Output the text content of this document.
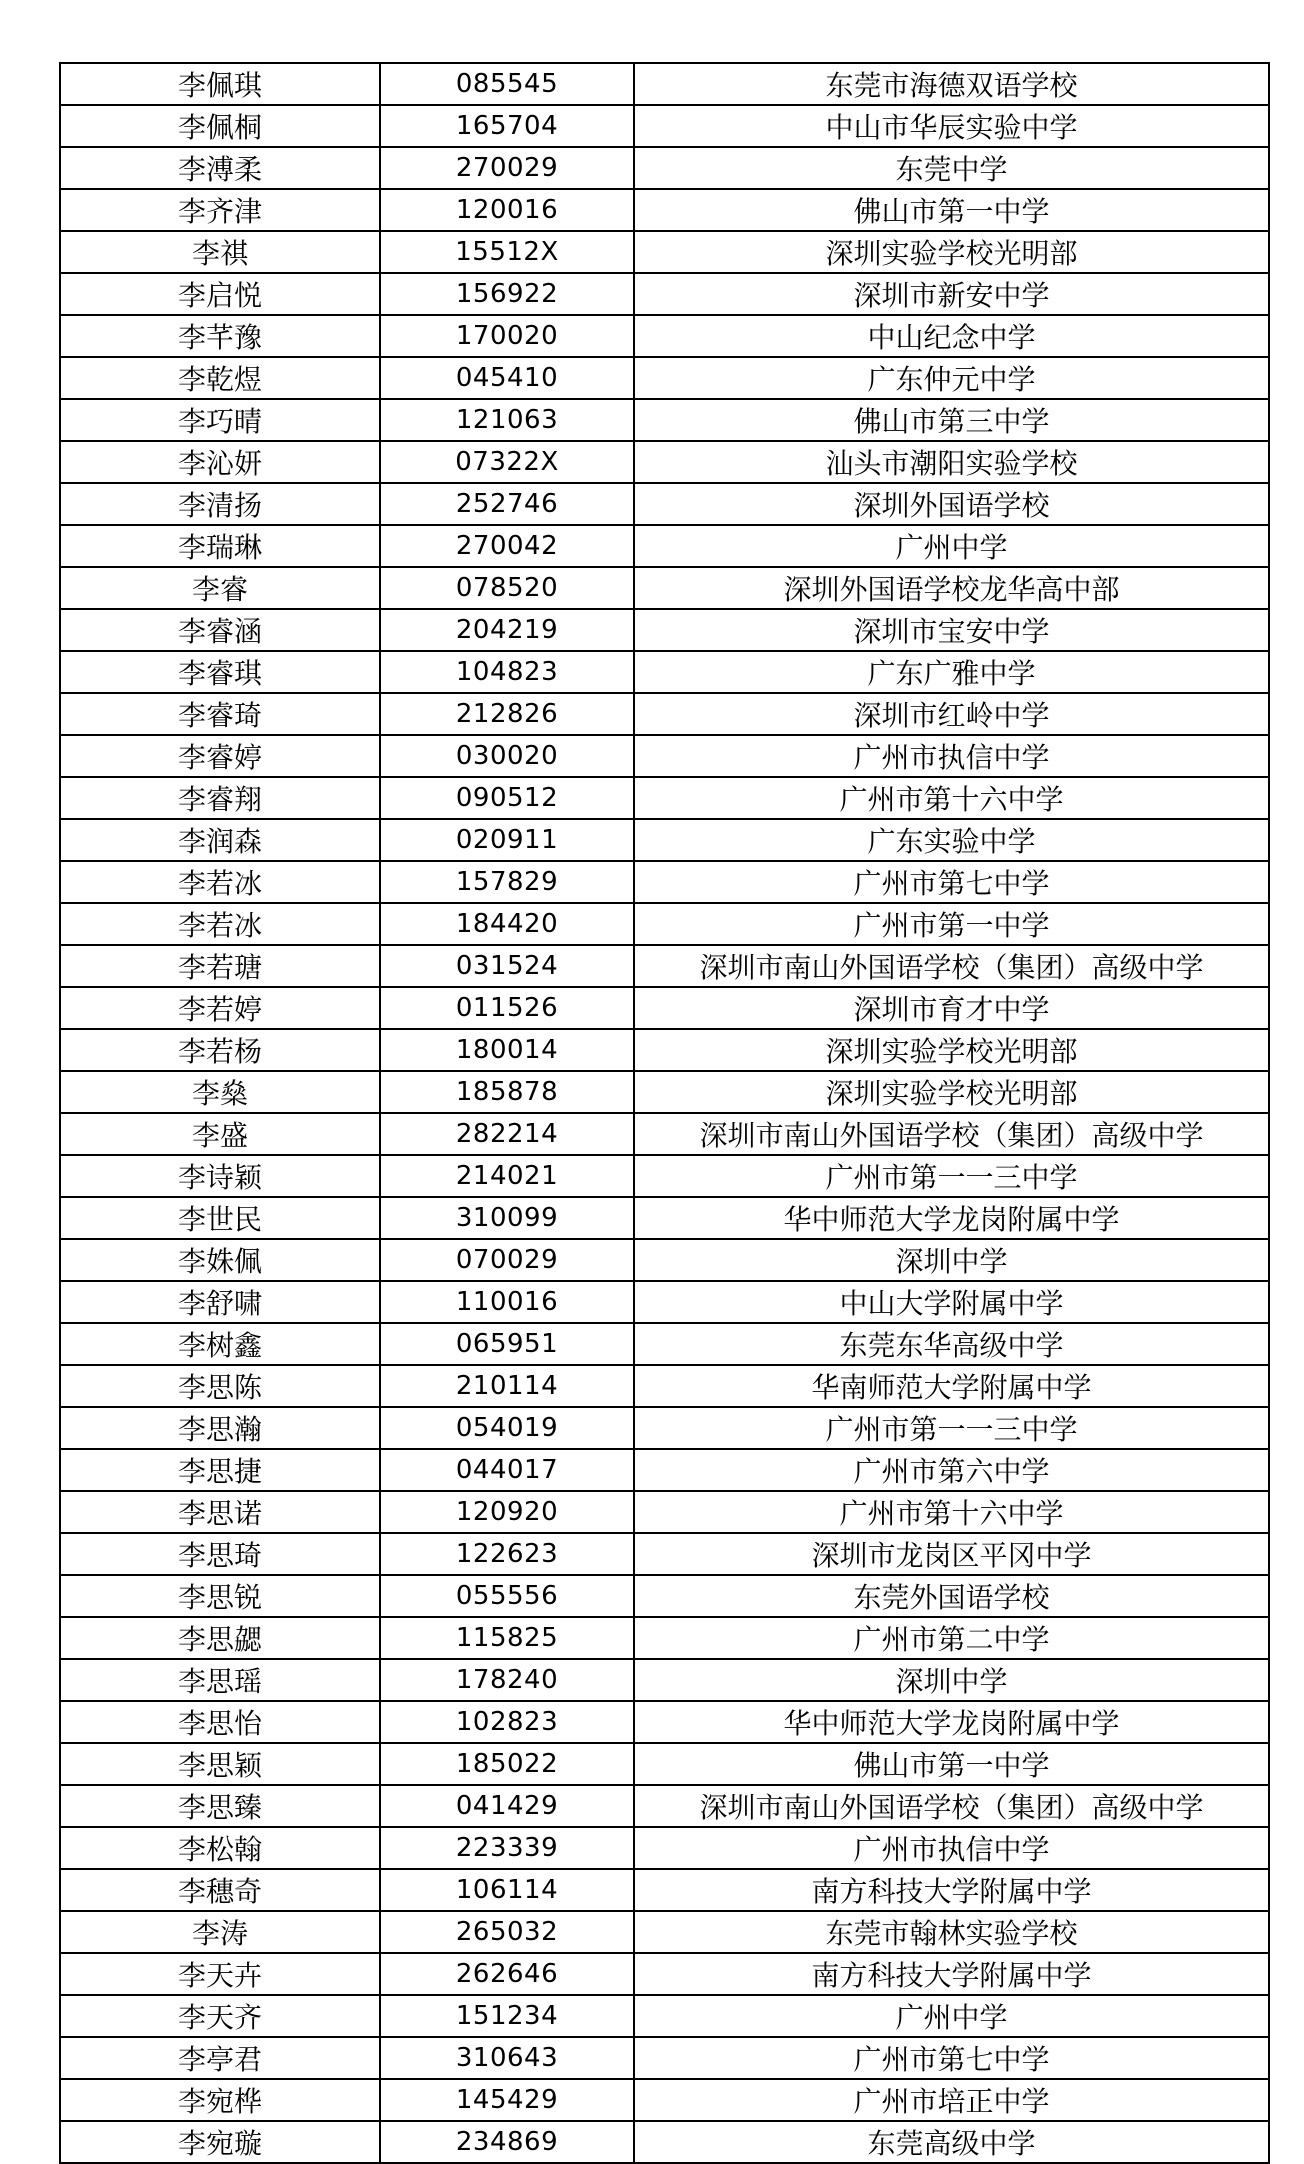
李佩琪	085545	东莞市海德双语学校
李佩桐	165704	中山市华辰实验中学
李溥柔	270029	东莞中学
李齐津	120016	佛山市第一中学
李祺	15512X	深圳实验学校光明部
李启悦	156922	深圳市新安中学
李芊豫	170020	中山纪念中学
李乾煜	045410	广东仲元中学
李巧晴	121063	佛山市第三中学
李沁妍	07322X	汕头市潮阳实验学校
李清扬	252746	深圳外国语学校
李瑞琳	270042	广州中学
李睿	078520	深圳外国语学校龙华高中部
李睿涵	204219	深圳市宝安中学
李睿琪	104823	广东广雅中学
李睿琦	212826	深圳市红岭中学
李睿婷	030020	广州市执信中学
李睿翔	090512	广州市第十六中学
李润森	020911	广东实验中学
李若冰	157829	广州市第七中学
李若冰	184420	广州市第一中学
李若瑭	031524	深圳市南山外国语学校（集团）高级中学
李若婷	011526	深圳市育才中学
李若杨	180014	深圳实验学校光明部
李燊	185878	深圳实验学校光明部
李盛	282214	深圳市南山外国语学校（集团）高级中学
李诗颖	214021	广州市第一一三中学
李世民	310099	华中师范大学龙岗附属中学
李姝佩	070029	深圳中学
李舒啸	110016	中山大学附属中学
李树鑫	065951	东莞东华高级中学
李思陈	210114	华南师范大学附属中学
李思瀚	054019	广州市第一一三中学
李思捷	044017	广州市第六中学
李思诺	120920	广州市第十六中学
李思琦	122623	深圳市龙岗区平冈中学
李思锐	055556	东莞外国语学校
李思勰	115825	广州市第二中学
李思瑶	178240	深圳中学
李思怡	102823	华中师范大学龙岗附属中学
李思颖	185022	佛山市第一中学
李思臻	041429	深圳市南山外国语学校（集团）高级中学
李松翰	223339	广州市执信中学
李穗奇	106114	南方科技大学附属中学
李涛	265032	东莞市翰林实验学校
李天卉	262646	南方科技大学附属中学
李天齐	151234	广州中学
李亭君	310643	广州市第七中学
李宛桦	145429	广州市培正中学
李宛璇	234869	东莞高级中学
